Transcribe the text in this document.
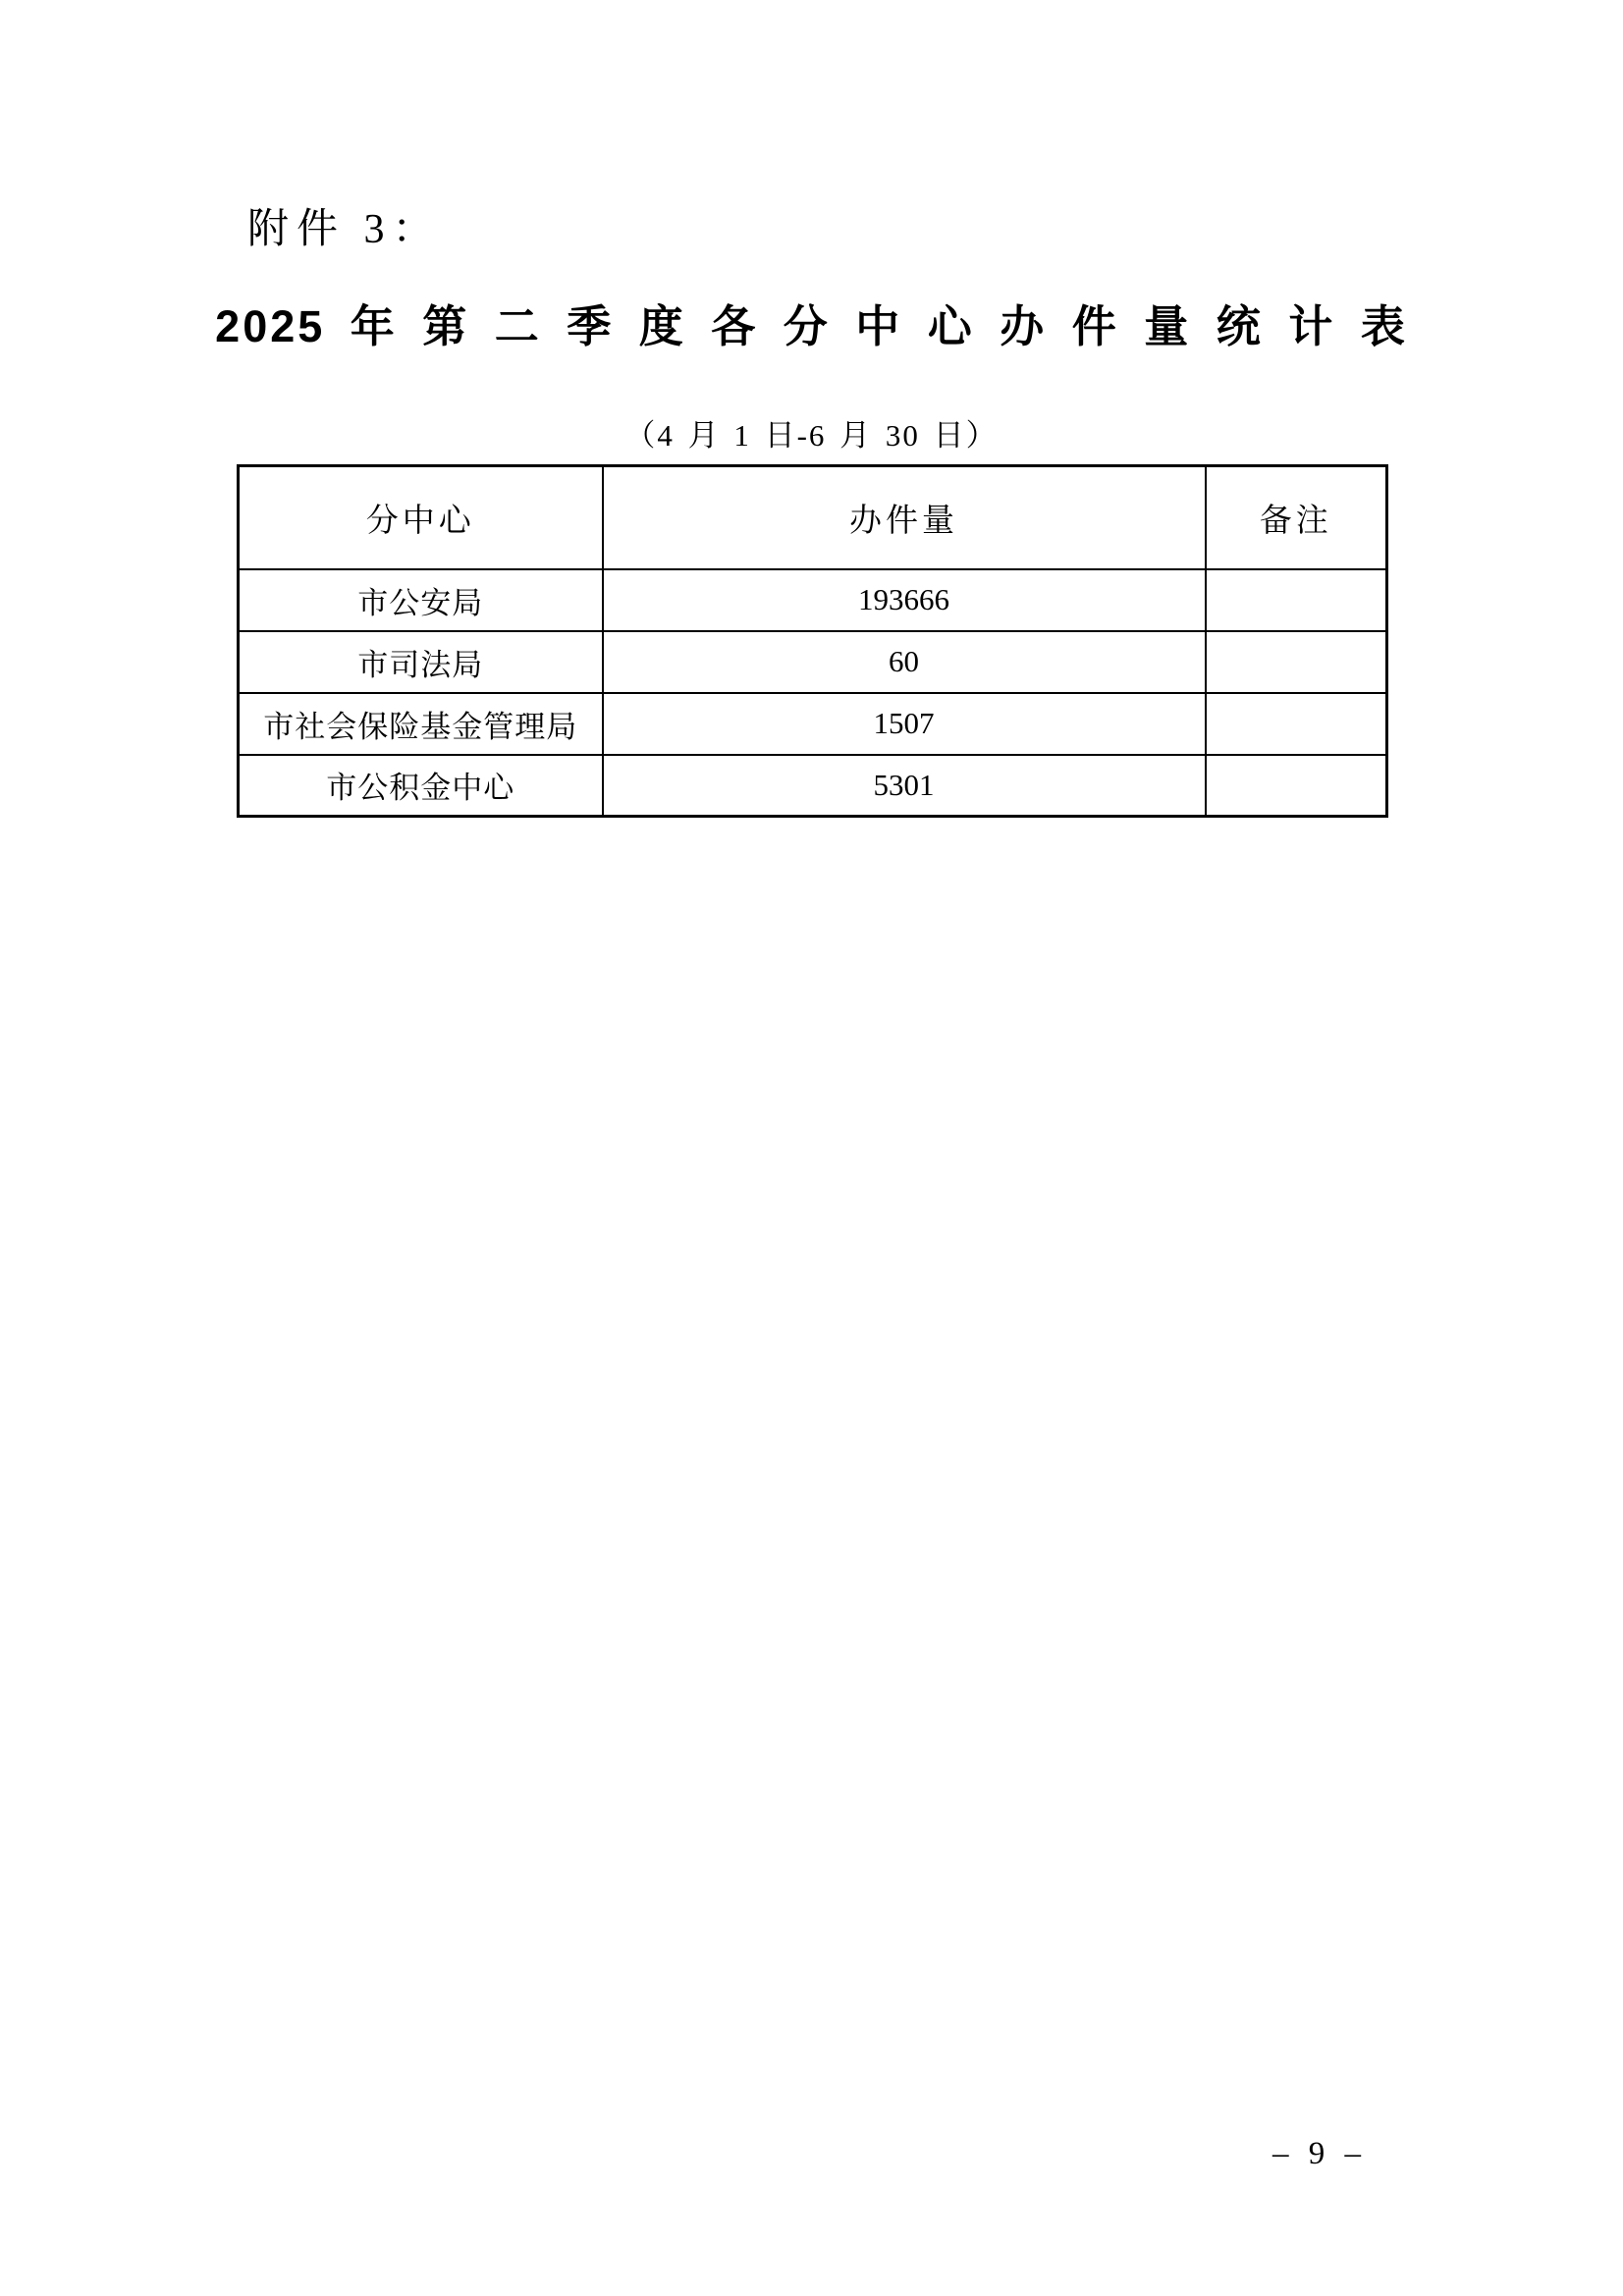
附件 3：
2025 年 第 二 季 度 各 分 中 心 办 件 量 统 计 表
（4 月 1 日-6 月 30 日）
分中心	办件量	备注
市公安局	193666	
市司法局	60	
市社会保险基金管理局	1507	
市公积金中心	5301	
– 9 –
